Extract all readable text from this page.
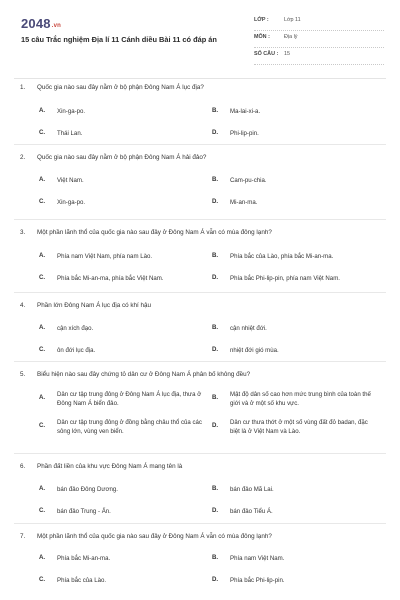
2048.vn
15 câu Trắc nghiệm Địa lí 11 Cánh diều Bài 11 có đáp án
LỚP :	Lớp 11
MÔN :	Địa lý
SỐ CÂU : 15
1. Quốc gia nào sau đây nằm ở bộ phận Đông Nam Á lục địa?
A. Xin-ga-po.	B. Ma-lai-xi-a.
C. Thái Lan.	D. Phi-lip-pin.
2. Quốc gia nào sau đây nằm ở bộ phận Đông Nam Á hải đảo?
A. Việt Nam.	B. Cam-pu-chia.
C. Xin-ga-po.	D. Mi-an-ma.
3. Một phần lãnh thổ của quốc gia nào sau đây ở Đông Nam Á vẫn có mùa đông lạnh?
A. Phía nam Việt Nam, phía nam Lào.	B. Phía bắc của Lào, phía bắc Mi-an-ma.
C. Phía bắc Mi-an-ma, phía bắc Việt Nam.	D. Phía bắc Phi-lip-pin, phía nam Việt Nam.
4. Phần lớn Đông Nam Á lục địa có khí hậu
A. cận xích đạo.	B. cận nhiệt đới.
C. ôn đới lục địa.	D. nhiệt đới gió mùa.
5. Biểu hiện nào sau đây chứng tỏ dân cư ở Đông Nam Á phân bố không đều?
A. Dân cư tập trung đông ở Đông Nam Á lục địa, thưa ở Đông Nam Á biển đảo.
B. Mật độ dân số cao hơn mức trung bình của toàn thế giới và ở một số khu vực.
C. Dân cư tập trung đông ở đồng bằng châu thổ của các sông lớn, vùng ven biển.
D. Dân cư thưa thớt ở một số vùng đất đỏ badan, đặc biệt là ở Việt Nam và Lào.
6. Phần đất liền của khu vực Đông Nam Á mang tên là
A. bán đảo Đông Dương.	B. bán đảo Mã Lai.
C. bán đảo Trung - Ấn.	D. bán đảo Tiểu Á.
7. Một phần lãnh thổ của quốc gia nào sau đây ở Đông Nam Á vẫn có mùa đông lạnh?
A. Phía bắc Mi-an-ma.	B. Phía nam Việt Nam.
C. Phía bắc của Lào.	D. Phía bắc Phi-lip-pin.
